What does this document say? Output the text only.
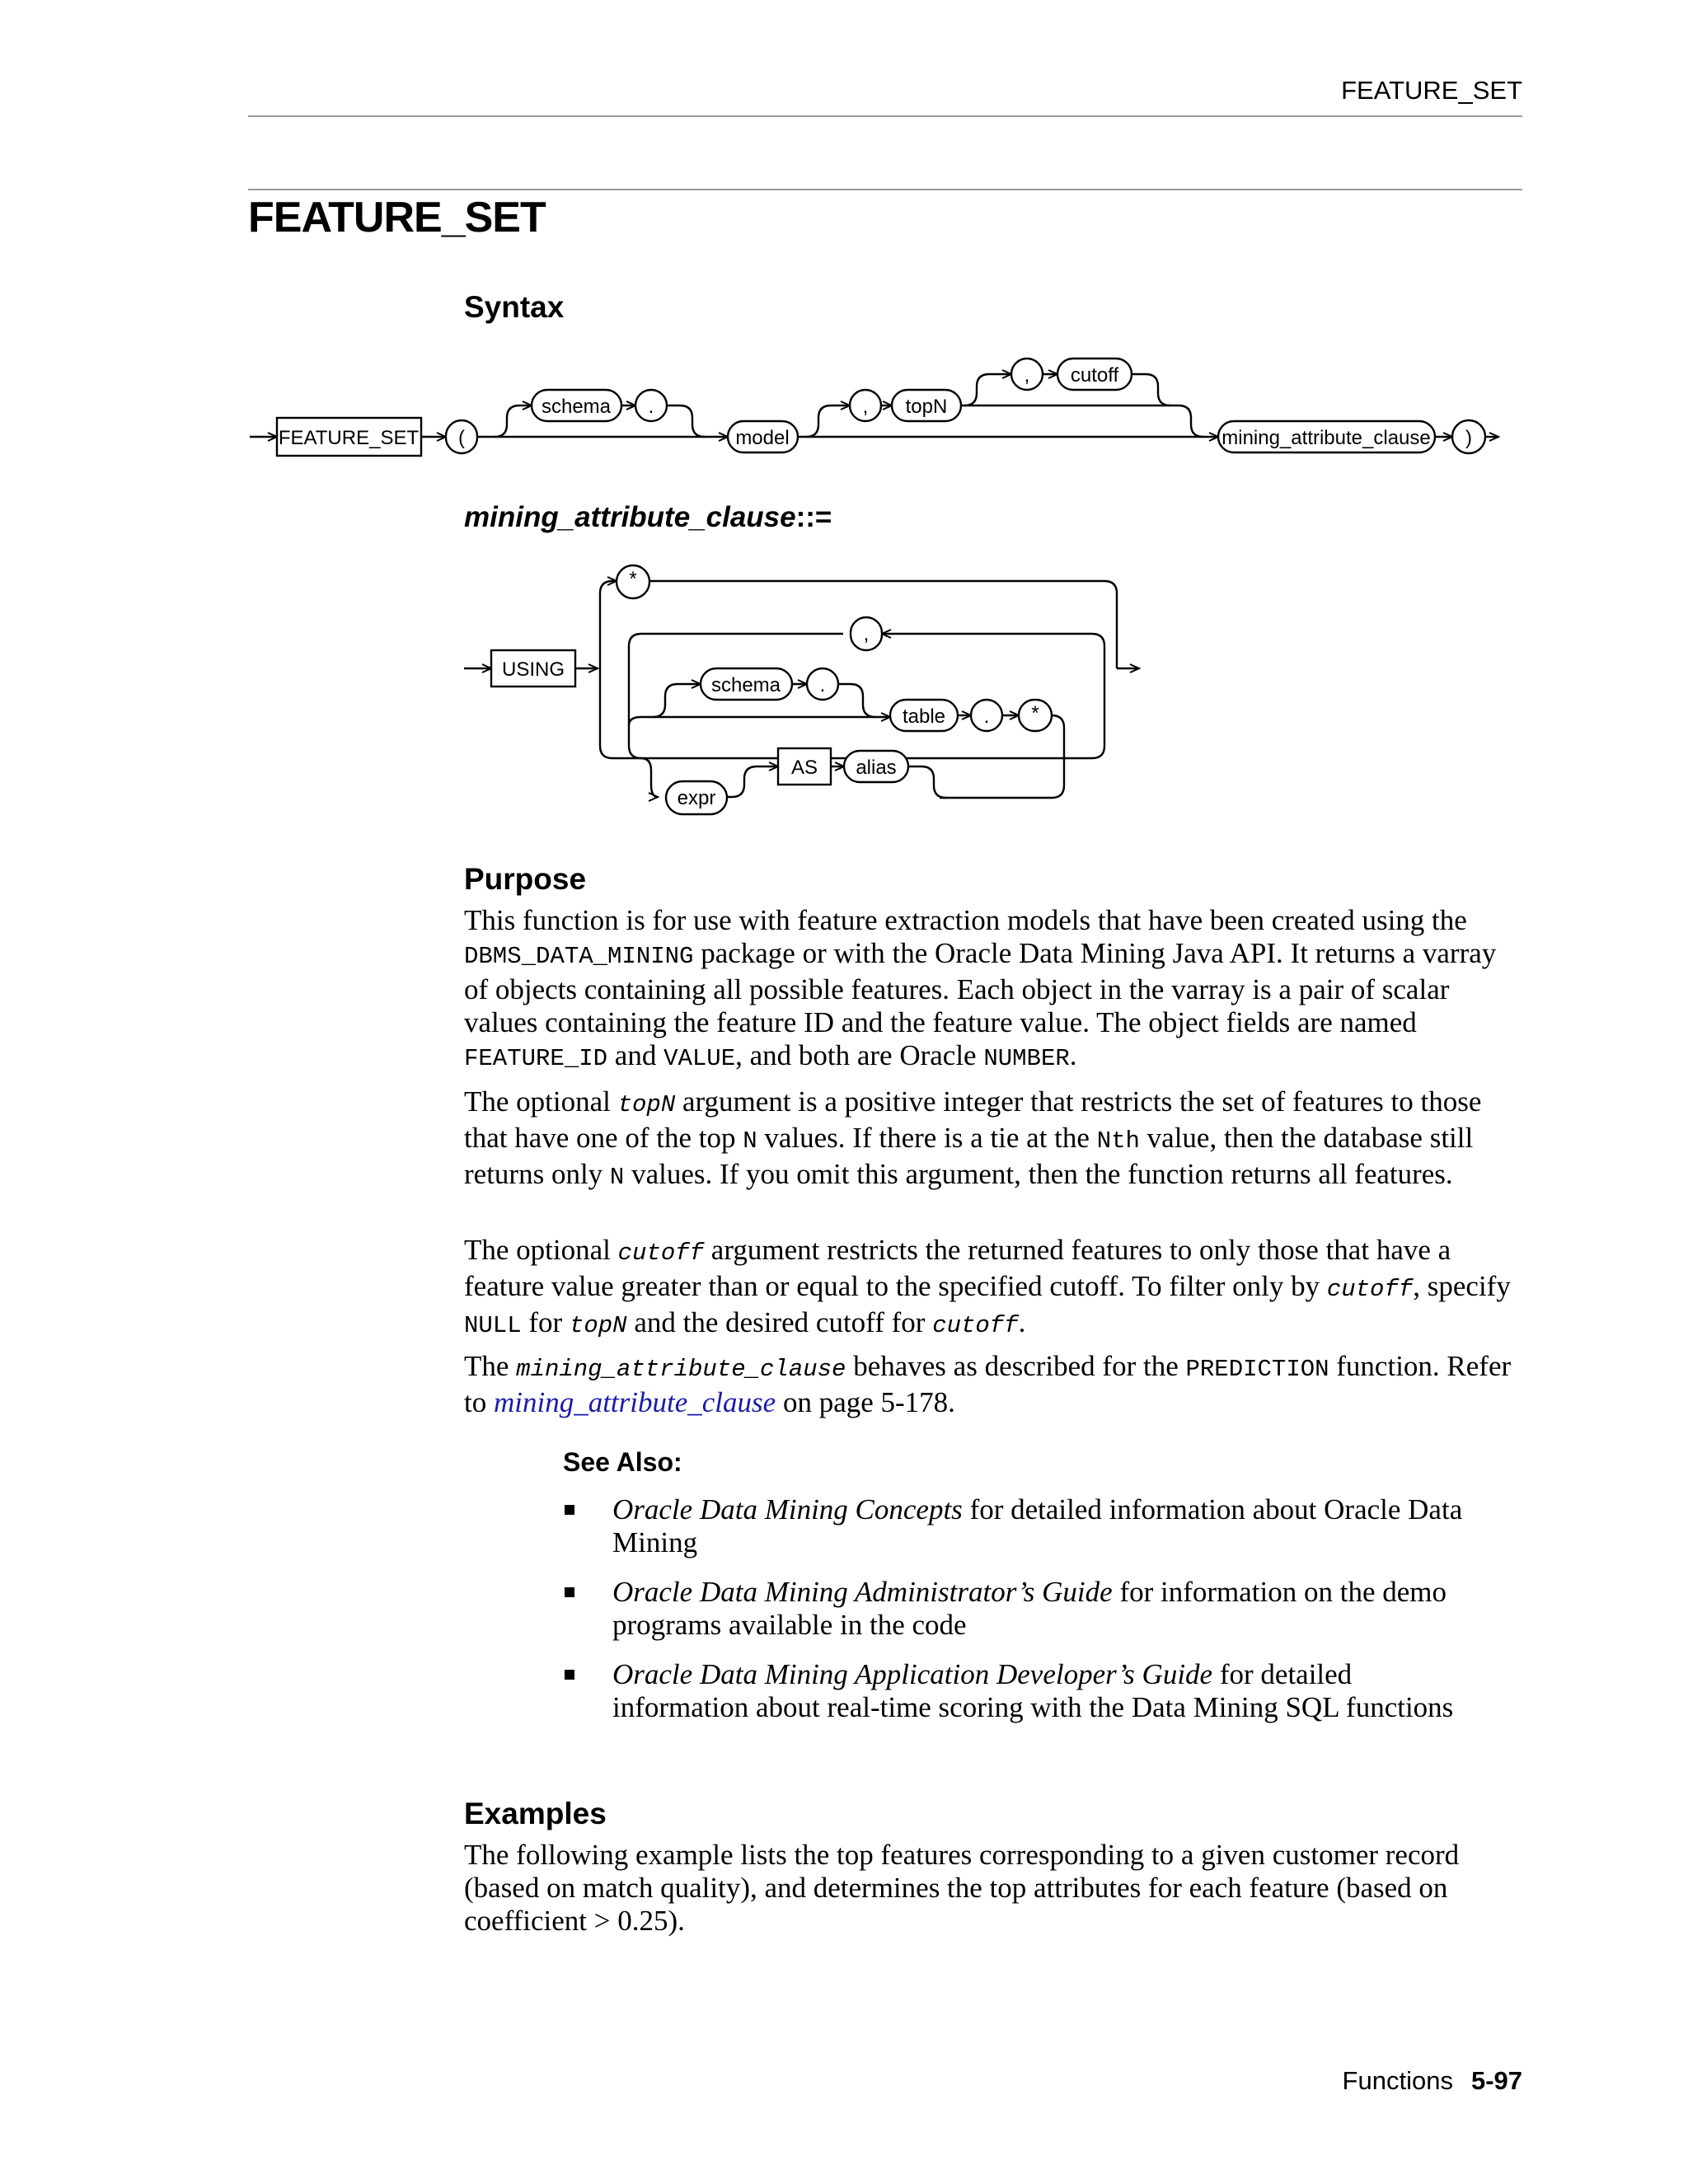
FEATURE_SET
FEATURE_SET
Syntax
FEATURE_SET (
schema .
model
, topN
, cutoff
mining_attribute_clause )
USING
*
,
schema .
table . *
AS alias
expr
mining_attribute_clause::=
Purpose

This function is for use with feature extraction models that have been created using the DBMS_DATA_MINING package or with the Oracle Data Mining Java API. It returns a varray of objects containing all possible features. Each object in the varray is a pair of scalar values containing the feature ID and the feature value. The object fields are named FEATURE_ID and VALUE, and both are Oracle NUMBER.

The optional topN argument is a positive integer that restricts the set of features to those that have one of the top N values. If there is a tie at the Nth value, then the database still returns only N values. If you omit this argument, then the function returns all features.

The optional cutoff argument restricts the returned features to only those that have a feature value greater than or equal to the specified cutoff. To filter only by cutoff, specify NULL for topN and the desired cutoff for cutoff.

The mining_attribute_clause behaves as described for the PREDICTION function. Refer to mining_attribute_clause on page 5-178.

See Also:
Oracle Data Mining Concepts for detailed information about Oracle Data Mining
Oracle Data Mining Administrator’s Guide for information on the demo programs available in the code
Oracle Data Mining Application Developer’s Guide for detailed information about real-time scoring with the Data Mining SQL functions
Examples

The following example lists the top features corresponding to a given customer record (based on match quality), and determines the top attributes for each feature (based on coefficient > 0.25).

Functions 5-97
